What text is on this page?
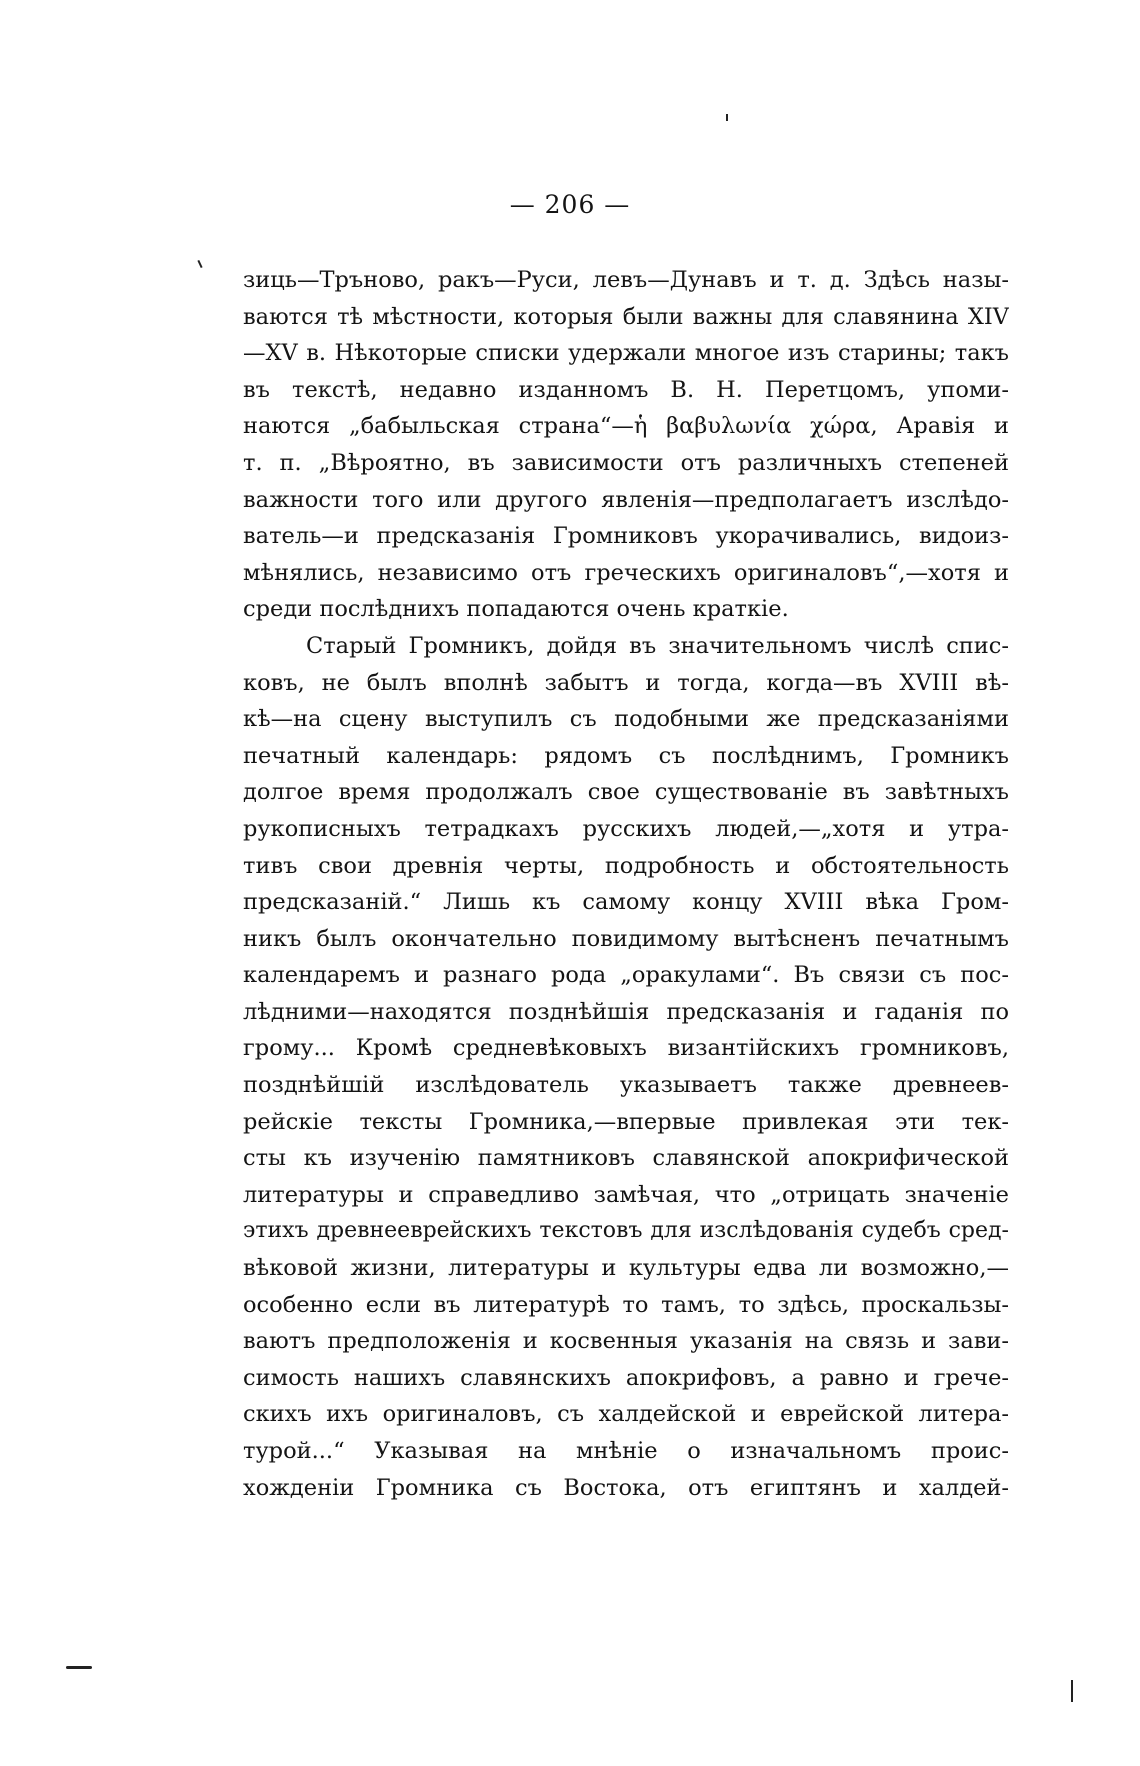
— 206 —
зиць—Тръново, ракъ—Руси, левъ—Дунавъ и т. д. Здѣсь назы-
ваются тѣ мѣстности, которыя были важны для славянина XIV
—XV в. Нѣкоторые списки удержали многое изъ старины; такъ
въ текстѣ, недавно изданномъ В. Н. Перетцомъ, упоми-
наются „бабыльская страна“—ἡ βαβυλωνία χώρα, Аравія и
т. п. „Вѣроятно, въ зависимости отъ различныхъ степеней
важности того или другого явленія—предполагаетъ изслѣдо-
ватель—и предсказанія Громниковъ укорачивались, видоиз-
мѣнялись, независимо отъ греческихъ оригиналовъ“,—хотя и
среди послѣднихъ попадаются очень краткіе.
Старый Громникъ, дойдя въ значительномъ числѣ спис-
ковъ, не былъ вполнѣ забытъ и тогда, когда—въ XVIII вѣ-
кѣ—на сцену выступилъ съ подобными же предсказаніями
печатный календарь: рядомъ съ послѣднимъ, Громникъ
долгое время продолжалъ свое существованіе въ завѣтныхъ
рукописныхъ тетрадкахъ русскихъ людей,—„хотя и утра-
тивъ свои древнія черты, подробность и обстоятельность
предсказаній.“ Лишь къ самому концу XVIII вѣка Гром-
никъ былъ окончательно повидимому вытѣсненъ печатнымъ
календаремъ и разнаго рода „оракулами“. Въ связи съ пос-
лѣдними—находятся позднѣйшія предсказанія и гаданія по
грому... Кромѣ средневѣковыхъ византійскихъ громниковъ,
позднѣйшій изслѣдователь указываетъ также древнеев-
рейскіе тексты Громника,—впервые привлекая эти тек-
сты къ изученію памятниковъ славянской апокрифической
литературы и справедливо замѣчая, что „отрицать значеніе
этихъ древнееврейскихъ текстовъ для изслѣдованія судебъ сред-
вѣковой жизни, литературы и культуры едва ли возможно,—
особенно если въ литературѣ то тамъ, то здѣсь, проскальзы-
ваютъ предположенія и косвенныя указанія на связь и зави-
симость нашихъ славянскихъ апокрифовъ, а равно и грече-
скихъ ихъ оригиналовъ, съ халдейской и еврейской литера-
турой...“ Указывая на мнѣніе о изначальномъ проис-
хожденіи Громника съ Востока, отъ египтянъ и халдей-
